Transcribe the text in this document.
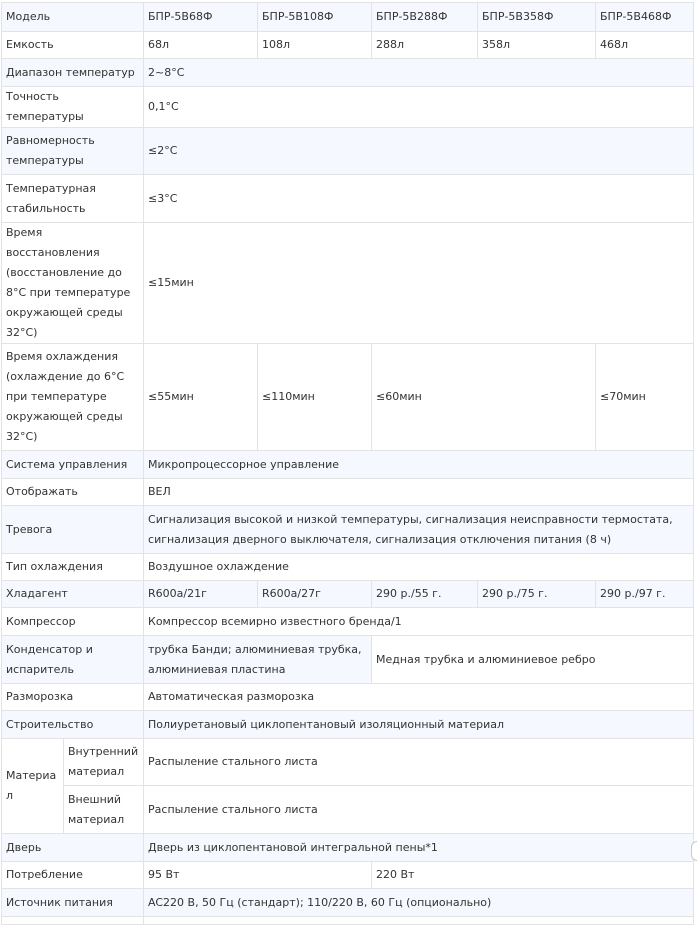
Модель		БПР-5В68Ф	БПР-5В108Ф	БПР-5В288Ф	БПР-5В358Ф	БПР-5В468Ф
Емкость		68л	108л	288л	358л	468л
Диапазон температур		2~8°C				
Точность температуры		0,1°C				
Равномерность температуры		≤2°C				
Температурная стабильность		≤3°C				
Время восстановления (восстановление до 8°C при температуре окружающей среды 32°C)		≤15мин				
Время охлаждения (охлаждение до 6°C при температуре окружающей среды 32°C)		≤55мин	≤110мин	≤60мин		≤70мин
Система управления		Микропроцессорное управление				
Отображать		ВЕЛ				
Тревога		Сигнализация высокой и низкой температуры, сигнализация неисправности термостата, сигнализация дверного выключателя, сигнализация отключения питания (8 ч)				
Тип охлаждения		Воздушное охлаждение				
Хладагент		R600а/21г	R600а/27г	290 р./55 г.	290 р./75 г.	290 р./97 г.
Компрессор		Компрессор всемирно известного бренда/1				
Конденсатор и испаритель		трубка Банди; алюминиевая трубка, алюминиевая пластина		Медная трубка и алюминиевое ребро		
Разморозка		Автоматическая разморозка				
Строительство		Полиуретановый циклопентановый изоляционный материал				
Материал	Внутренний материал	Распыление стального листа				
	Внешний материал	Распыление стального листа				
Дверь		Дверь из циклопентановой интегральной пены*1				
Потребление		95 Вт		220 Вт		
Источник питания		AC220 В, 50 Гц (стандарт); 110/220 В, 60 Гц (опционально)				
